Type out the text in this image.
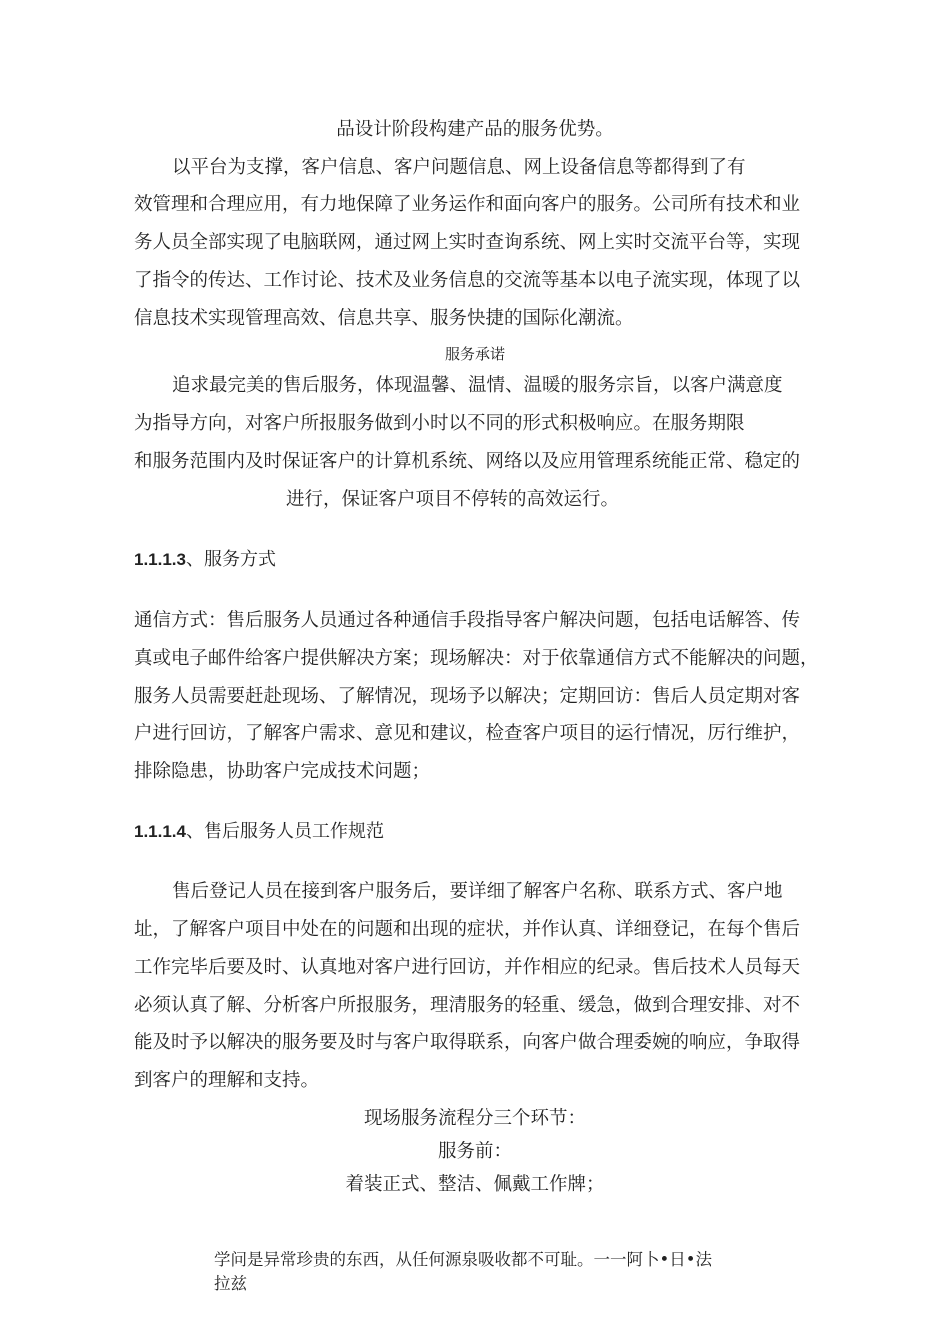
品设计阶段构建产品的服务优势。
以平台为支撑，客户信息、客户问题信息、网上设备信息等都得到了有
效管理和合理应用，有力地保障了业务运作和面向客户的服务。公司所有技术和业
务人员全部实现了电脑联网，通过网上实时查询系统、网上实时交流平台等，实现
了指令的传达、工作讨论、技术及业务信息的交流等基本以电子流实现，体现了以
信息技术实现管理高效、信息共享、服务快捷的国际化潮流。
服务承诺
追求最完美的售后服务，体现温馨、温情、温暖的服务宗旨，以客户满意度
为指导方向，对客户所报服务做到小时以不同的形式积极响应。在服务期限
和服务范围内及时保证客户的计算机系统、网络以及应用管理系统能正常、稳定的
进行，保证客户项目不停转的高效运行。
1.1.1.3、服务方式
通信方式：售后服务人员通过各种通信手段指导客户解决问题，包括电话解答、传
真或电子邮件给客户提供解决方案；现场解决：对于依靠通信方式不能解决的问题，
服务人员需要赶赴现场、了解情况，现场予以解决；定期回访：售后人员定期对客
户进行回访，了解客户需求、意见和建议，检查客户项目的运行情况，厉行维护，
排除隐患，协助客户完成技术问题；
1.1.1.4、售后服务人员工作规范
售后登记人员在接到客户服务后，要详细了解客户名称、联系方式、客户地
址，了解客户项目中处在的问题和出现的症状，并作认真、详细登记，在每个售后
工作完毕后要及时、认真地对客户进行回访，并作相应的纪录。售后技术人员每天
必须认真了解、分析客户所报服务，理清服务的轻重、缓急，做到合理安排、对不
能及时予以解决的服务要及时与客户取得联系，向客户做合理委婉的响应，争取得
到客户的理解和支持。
现场服务流程分三个环节：
服务前：
着装正式、整洁、佩戴工作牌；
学问是异常珍贵的东西，从任何源泉吸收都不可耻。一一阿卜•日•法
拉兹
